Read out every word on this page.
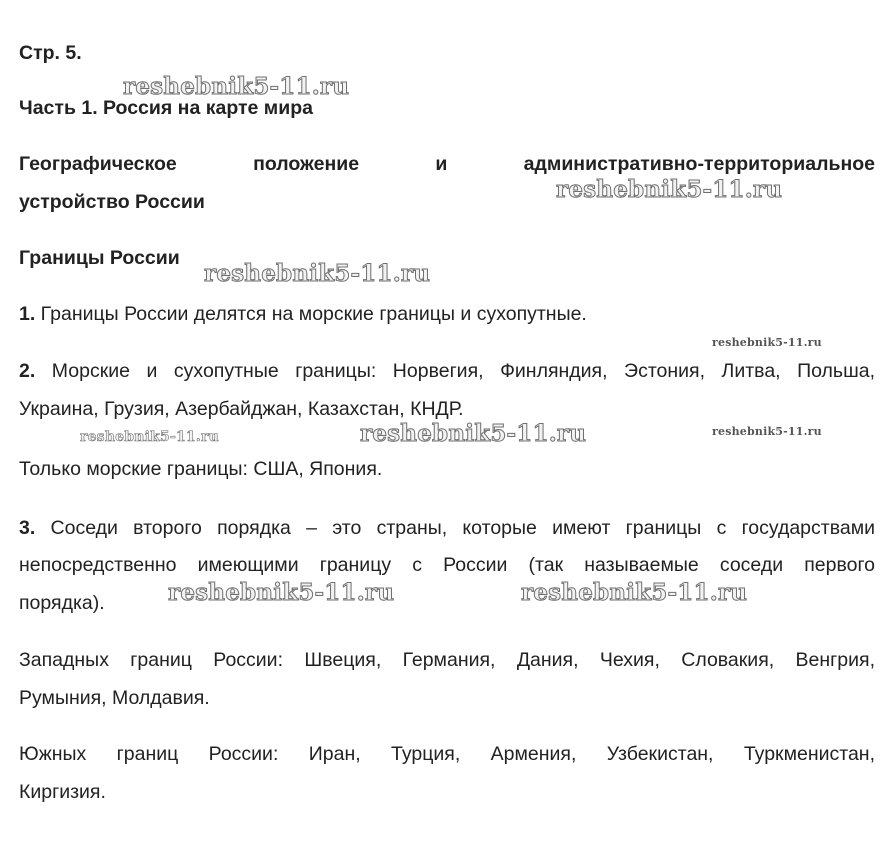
Стр. 5.
Часть 1. Россия на карте мира
Географическое положение и административно-территориальное
устройство России
Границы России
1. Границы России делятся на морские границы и сухопутные.
2. Морские и сухопутные границы: Норвегия, Финляндия, Эстония, Литва, Польша,
Украина, Грузия, Азербайджан, Казахстан, КНДР.
Только морские границы: США, Япония.
3. Соседи второго порядка – это страны, которые имеют границы с государствами
непосредственно имеющими границу с России (так называемые соседи первого
порядка).
Западных границ России: Швеция, Германия, Дания, Чехия, Словакия, Венгрия,
Румыния, Молдавия.
Южных границ России: Иран, Турция, Армения, Узбекистан, Туркменистан,
Киргизия.
reshebnik5-11.ru
reshebnik5-11.ru
reshebnik5-11.ru
reshebnik5-11.ru
reshebnik5-11.ru	reshebnik5-11.ru	reshebnik5-11.ru
reshebnik5-11.ru	reshebnik5-11.ru
